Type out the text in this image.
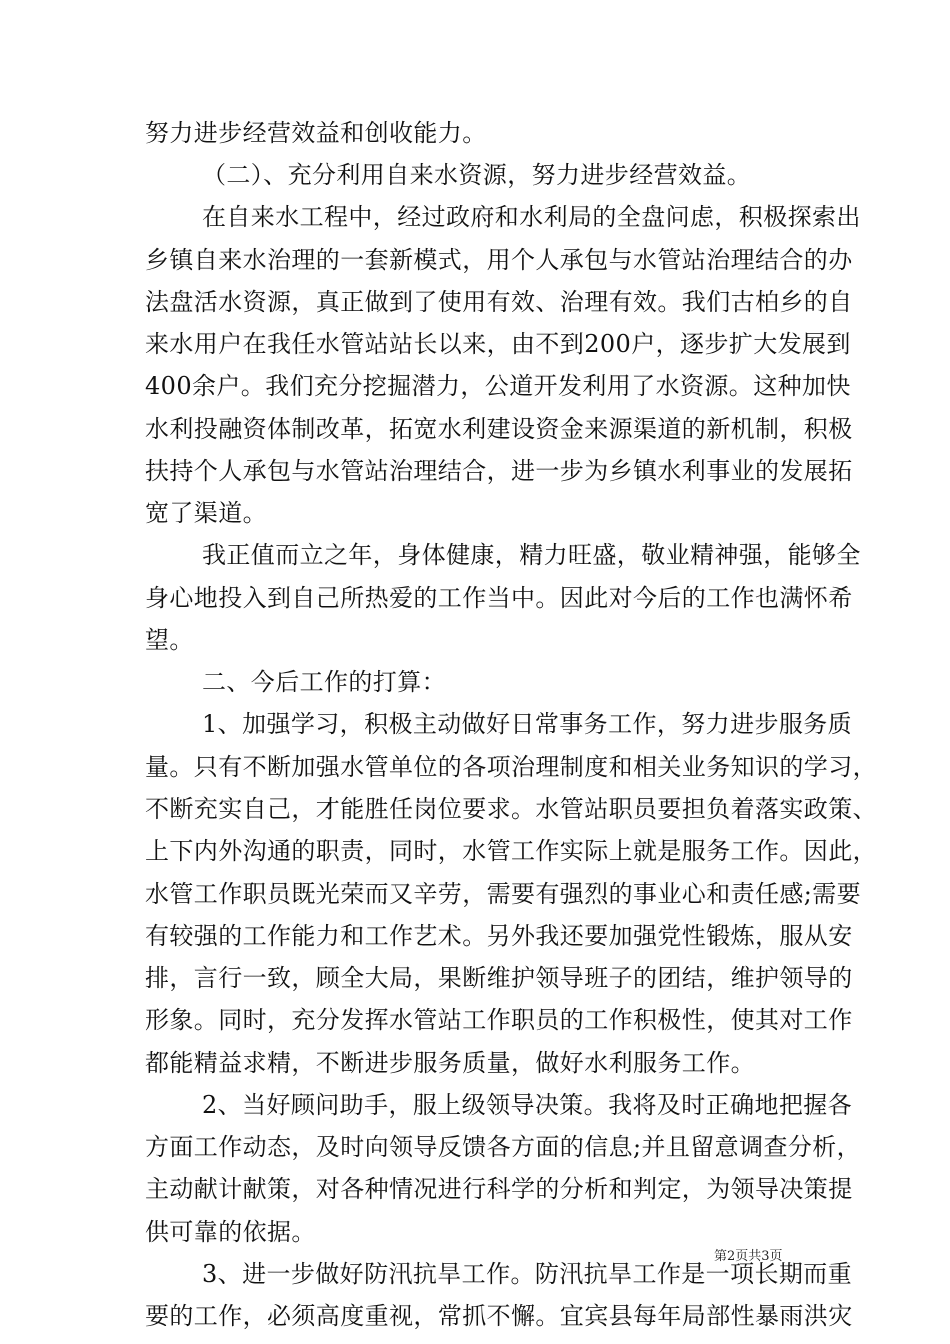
努力进步经营效益和创收能力。
（二）、充分利用自来水资源，努力进步经营效益。
在自来水工程中，经过政府和水利局的全盘问虑，积极探索出
乡镇自来水治理的一套新模式，用个人承包与水管站治理结合的办
法盘活水资源，真正做到了使用有效、治理有效。我们古柏乡的自
来水用户在我任水管站站长以来，由不到200户，逐步扩大发展到
400余户。我们充分挖掘潜力，公道开发利用了水资源。这种加快
水利投融资体制改革，拓宽水利建设资金来源渠道的新机制，积极
扶持个人承包与水管站治理结合，进一步为乡镇水利事业的发展拓
宽了渠道。
我正值而立之年，身体健康，精力旺盛，敬业精神强，能够全
身心地投入到自己所热爱的工作当中。因此对今后的工作也满怀希
望。
二、今后工作的打算：
1、加强学习，积极主动做好日常事务工作，努力进步服务质
量。只有不断加强水管单位的各项治理制度和相关业务知识的学习，
不断充实自己，才能胜任岗位要求。水管站职员要担负着落实政策、
上下内外沟通的职责，同时，水管工作实际上就是服务工作。因此，
水管工作职员既光荣而又辛劳，需要有强烈的事业心和责任感;需要
有较强的工作能力和工作艺术。另外我还要加强党性锻炼，服从安
排，言行一致，顾全大局，果断维护领导班子的团结，维护领导的
形象。同时，充分发挥水管站工作职员的工作积极性，使其对工作
都能精益求精，不断进步服务质量，做好水利服务工作。
2、当好顾问助手，服上级领导决策。我将及时正确地把握各
方面工作动态，及时向领导反馈各方面的信息;并且留意调查分析，
主动献计献策，对各种情况进行科学的分析和判定，为领导决策提
供可靠的依据。
3、进一步做好防汛抗旱工作。防汛抗旱工作是一项长期而重
要的工作，必须高度重视，常抓不懈。宜宾县每年局部性暴雨洪灾
第2页共3页
